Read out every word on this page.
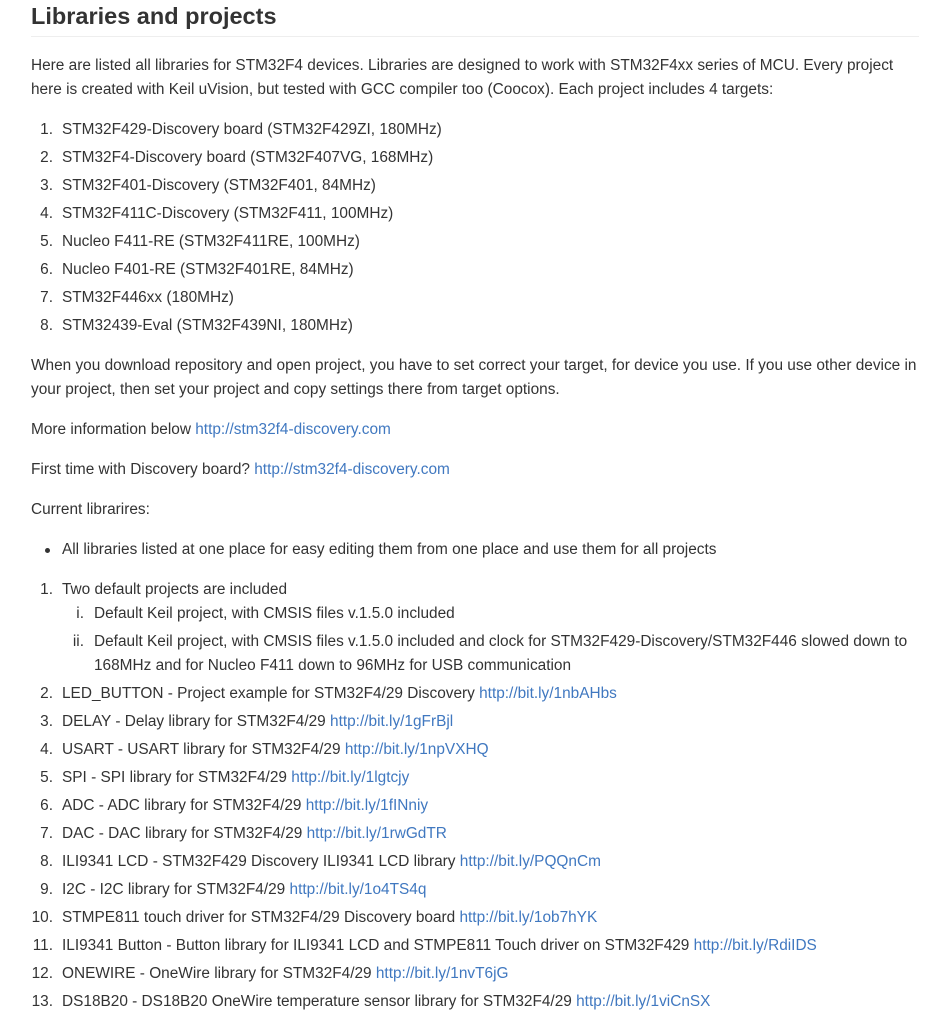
Libraries and projects

Here are listed all libraries for STM32F4 devices. Libraries are designed to work with STM32F4xx series of MCU. Every project here is created with Keil uVision, but tested with GCC compiler too (Coocox). Each project includes 4 targets:

1. STM32F429-Discovery board (STM32F429ZI, 180MHz)
2. STM32F4-Discovery board (STM32F407VG, 168MHz)
3. STM32F401-Discovery (STM32F401, 84MHz)
4. STM32F411C-Discovery (STM32F411, 100MHz)
5. Nucleo F411-RE (STM32F411RE, 100MHz)
6. Nucleo F401-RE (STM32F401RE, 84MHz)
7. STM32F446xx (180MHz)
8. STM32439-Eval (STM32F439NI, 180MHz)

When you download repository and open project, you have to set correct your target, for device you use. If you use other device in your project, then set your project and copy settings there from target options.

More information below http://stm32f4-discovery.com

First time with Discovery board? http://stm32f4-discovery.com

Current librarires:

All libraries listed at one place for easy editing them from one place and use them for all projects
1. Two default projects are included
i. Default Keil project, with CMSIS files v.1.5.0 included
ii. Default Keil project, with CMSIS files v.1.5.0 included and clock for STM32F429-Discovery/STM32F446 slowed down to 168MHz and for Nucleo F411 down to 96MHz for USB communication
2. LED_BUTTON - Project example for STM32F4/29 Discovery http://bit.ly/1nbAHbs
3. DELAY - Delay library for STM32F4/29 http://bit.ly/1gFrBjl
4. USART - USART library for STM32F4/29 http://bit.ly/1npVXHQ
5. SPI - SPI library for STM32F4/29 http://bit.ly/1lgtcjy
6. ADC - ADC library for STM32F4/29 http://bit.ly/1fINniy
7. DAC - DAC library for STM32F4/29 http://bit.ly/1rwGdTR
8. ILI9341 LCD - STM32F429 Discovery ILI9341 LCD library http://bit.ly/PQQnCm
9. I2C - I2C library for STM32F4/29 http://bit.ly/1o4TS4q
10. STMPE811 touch driver for STM32F4/29 Discovery board http://bit.ly/1ob7hYK
11. ILI9341 Button - Button library for ILI9341 LCD and STMPE811 Touch driver on STM32F429 http://bit.ly/RdiIDS
12. ONEWIRE - OneWire library for STM32F4/29 http://bit.ly/1nvT6jG
13. DS18B20 - DS18B20 OneWire temperature sensor library for STM32F4/29 http://bit.ly/1viCnSX
